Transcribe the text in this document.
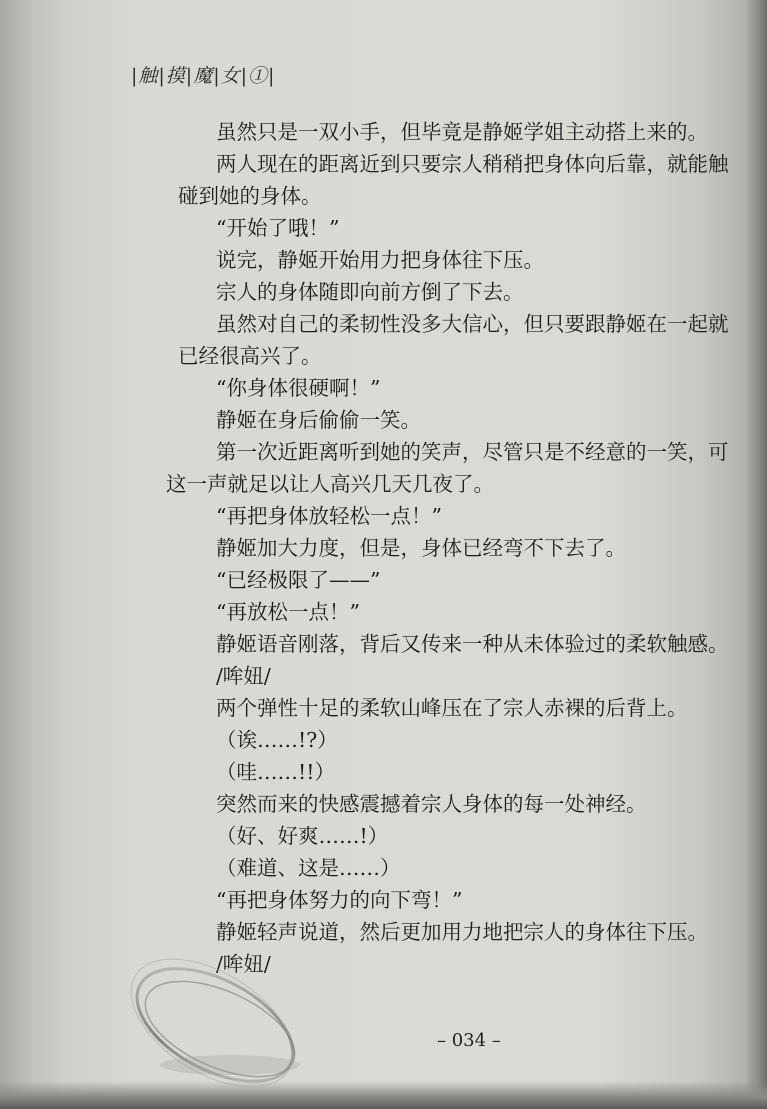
|触|摸|魔|女|①|
虽然只是一双小手，但毕竟是静姬学姐主动搭上来的。
两人现在的距离近到只要宗人稍稍把身体向后靠，就能触
碰到她的身体。
“开始了哦！”
说完，静姬开始用力把身体往下压。
宗人的身体随即向前方倒了下去。
虽然对自己的柔韧性没多大信心，但只要跟静姬在一起就
已经很高兴了。
“你身体很硬啊！”
静姬在身后偷偷一笑。
第一次近距离听到她的笑声，尽管只是不经意的一笑，可
这一声就足以让人高兴几天几夜了。
“再把身体放轻松一点！”
静姬加大力度，但是，身体已经弯不下去了。
“已经极限了——”
“再放松一点！”
静姬语音刚落，背后又传来一种从未体验过的柔软触感。
/哞妞/
两个弹性十足的柔软山峰压在了宗人赤裸的后背上。
（诶……!?）
（哇……!!）
突然而来的快感震撼着宗人身体的每一处神经。
（好、好爽……!）
（难道、这是……）
“再把身体努力的向下弯！”
静姬轻声说道，然后更加用力地把宗人的身体往下压。
/哞妞/
– 034 –
